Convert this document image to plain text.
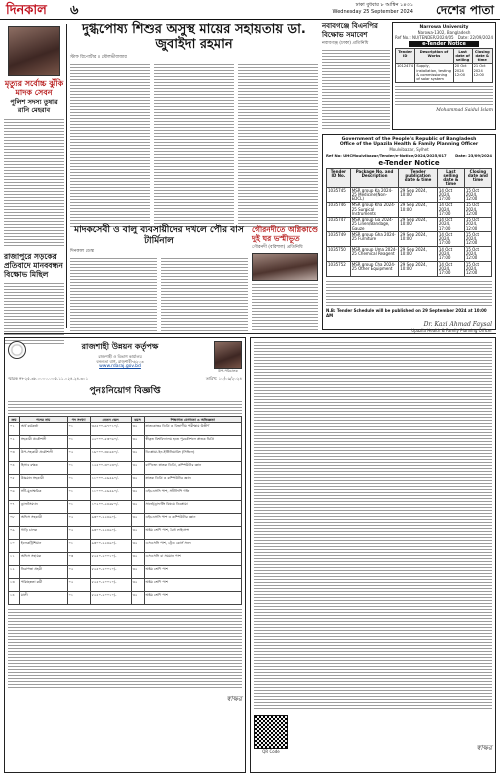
দিনকাল ৬	ঢাকা বুধবার ৮ আশ্বিন ১৪৩১
Wednesday 25 September 2024 দেশের পাতা
মৃত্যুর সর্বোচ্চ ঝুঁকি মাদক সেবন
পুলিশ সদস্য তুষার রানি মেহরাব
রাজাপুরে সড়কের প্রতিবাদে মানববন্ধন বিক্ষোভ মিছিল
দুগ্ধপোষ্য শিশুর অসুস্থ মায়ের সহায়তায় ডা. জুবাইদা রহমান
স্টাফ রিপোর্টার ॥ মৌলভীবাজার
মাদকসেবী ও বালু ব্যবসায়ীদের দখলে পৌর বাস টার্মিনাল
দিনকাল ডেস্ক
গৌরনদীতে অগ্নিকাণ্ডে দুই ঘর ভস্মীভূত
গৌরনদী (বরিশাল) প্রতিনিধি
নবাবগঞ্জে বিএনপির বিক্ষোভ সমাবেশ
নবাবগঞ্জ (ঢাকা) প্রতিনিধি
Narrowa University
Narowa-1302, Bangladesh
Ref No.: NU/TENDER/2024/05 Date: 22/09/2024
e-Tender Notice
Tender ID	Description of Works	Last date of selling	Closing date & time
1012474	Supply, installation, testing & commissioning of solar system	20 Oct 2024 12:00	21 Oct 2024 12:00
Mohammad Saidul Islam
Government of the People's Republic of Bangladesh
Office of the Upazila Health & Family Planning Officer
Moulvibazar, Sylhet
Ref No: UHCMoulvibazar/Tender/e-Notice/2024/2025/017 Date: 23/09/2024
e-Tender Notice
Tender ID No.	Package No. and Description	Tender publication date & time	Last selling date & time	Closing date and time
1035745	MSR group Ka 2024-25 Medicine(Non-EDCL)	29 Sep 2024, 10:00	14 Oct 2024, 17:00	15 Oct 2024, 12:00
1035746	MSR group Kha 2024-25 Surgical Instruments	29 Sep 2024, 10:00	14 Oct 2024, 17:00	15 Oct 2024, 12:00
1035747	MSR group Ga 2024-25 Linen/Bandage, Gauze	29 Sep 2024, 10:00	14 Oct 2024, 17:00	15 Oct 2024, 12:00
1035749	MSR group Gha 2024-25 Furniture	29 Sep 2024, 10:00	14 Oct 2024, 17:00	15 Oct 2024, 12:00
1035750	MSR group Uma 2024-25 Chemical Reagent	29 Sep 2024, 10:00	14 Oct 2024, 17:00	15 Oct 2024, 12:00
1035752	MSR group Cha 2024-25 Other Equipment	29 Sep 2024, 10:00	14 Oct 2024, 17:00	15 Oct 2024, 12:00
N.B: Tender Schedule will be published on 29 September 2024 at 10:00 AM
Dr. Kazi Ahmad Faysal
Upazila Health & Family Planning Officer
রাজশাহী উন্নয়ন কর্তৃপক্ষ
রাজশাহী ও বিভাগ কার্যালয়
বনলতা বাগ, রাজশাহী-৬২০৩
www.rdaraj.gov.bd
উপ-পরিচালক
স্মারক নং-২৫.৩৮.০০০০.০০৫.১১.০২৪.২৪.৩০১	তারিখ: ১০/০৯/২০২৪
পুনঃনিয়োগ বিজ্ঞপ্তি
ক্রম	পদের নাম	পদ সংখ্যা	বেতন স্কেল	বয়স	শিক্ষাগত যোগ্যতা ও অভিজ্ঞতা
০১	অর্থ কর্মকর্তা	০১	৩৫৫০০-৬৭০১০/-	৩২	স্নাতকোত্তর ডিগ্রি ও বিভাগীয় পরীক্ষায় উত্তীর্ণ
০২	সহকারী প্রকৌশলী	০১	২২০০০-৫৩০৬০/-	৩২	স্বীকৃত বিশ্ববিদ্যালয় হতে পুরকৌশলে স্নাতক ডিগ্রি
০৩	উপ-সহকারী প্রকৌশলী	০২	১৬০০০-৩৮৬৪০/-	৩২	ডিপ্লোমা-ইন-ইঞ্জিনিয়ারিং (সিভিল)
০৪	হিসাব রক্ষক	০১	১২৫০০-৩০২৩০/-	৩২	বাণিজ্যে স্নাতক ডিগ্রি, কম্পিউটার জ্ঞান
০৫	উচ্চমান সহকারী	০১	১১০০০-২৬৫৯০/-	৩২	স্নাতক ডিগ্রি ও কম্পিউটার জ্ঞান
০৬	সাঁট-মুদ্রাক্ষরিক	০১	১১০০০-২৬৫৯০/-	৩২	এইচএসসি পাশ, সাঁটলিপি গতি
০৭	ড্রাফটসম্যান	০১	১০২০০-২৪৬৮০/-	৩২	সার্ভে/ড্রাফটিং বিষয়ে ডিপ্লোমা
০৮	অফিস সহকারী	০২	৯৩০০-২২৪৯০/-	৩২	এইচএসসি পাশ ও কম্পিউটার জ্ঞান
০৯	গাড়ি চালক	০২	৯৩০০-২২৪৯০/-	৩২	অষ্টম শ্রেণি পাশ, বৈধ লাইসেন্স
১০	ইলেকট্রিশিয়ান	০১	৯৩০০-২২৪৯০/-	৩২	এসএসসি পাশ, ট্রেড কোর্স সনদ
১১	অফিস সহায়ক	০৩	৮২৫০-২০০১০/-	৩২	এসএসসি বা সমমান পাশ
১২	নিরাপত্তা প্রহরী	০২	৮২৫০-২০০১০/-	৩২	অষ্টম শ্রেণি পাশ
১৩	পরিচ্ছন্নতা কর্মী	০২	৮২৫০-২০০১০/-	৩২	অষ্টম শ্রেণি পাশ
১৪	মালী	০১	৮২৫০-২০০১০/-	৩২	অষ্টম শ্রেণি পাশ
স্বাক্ষর
QR Code	স্বাক্ষর
